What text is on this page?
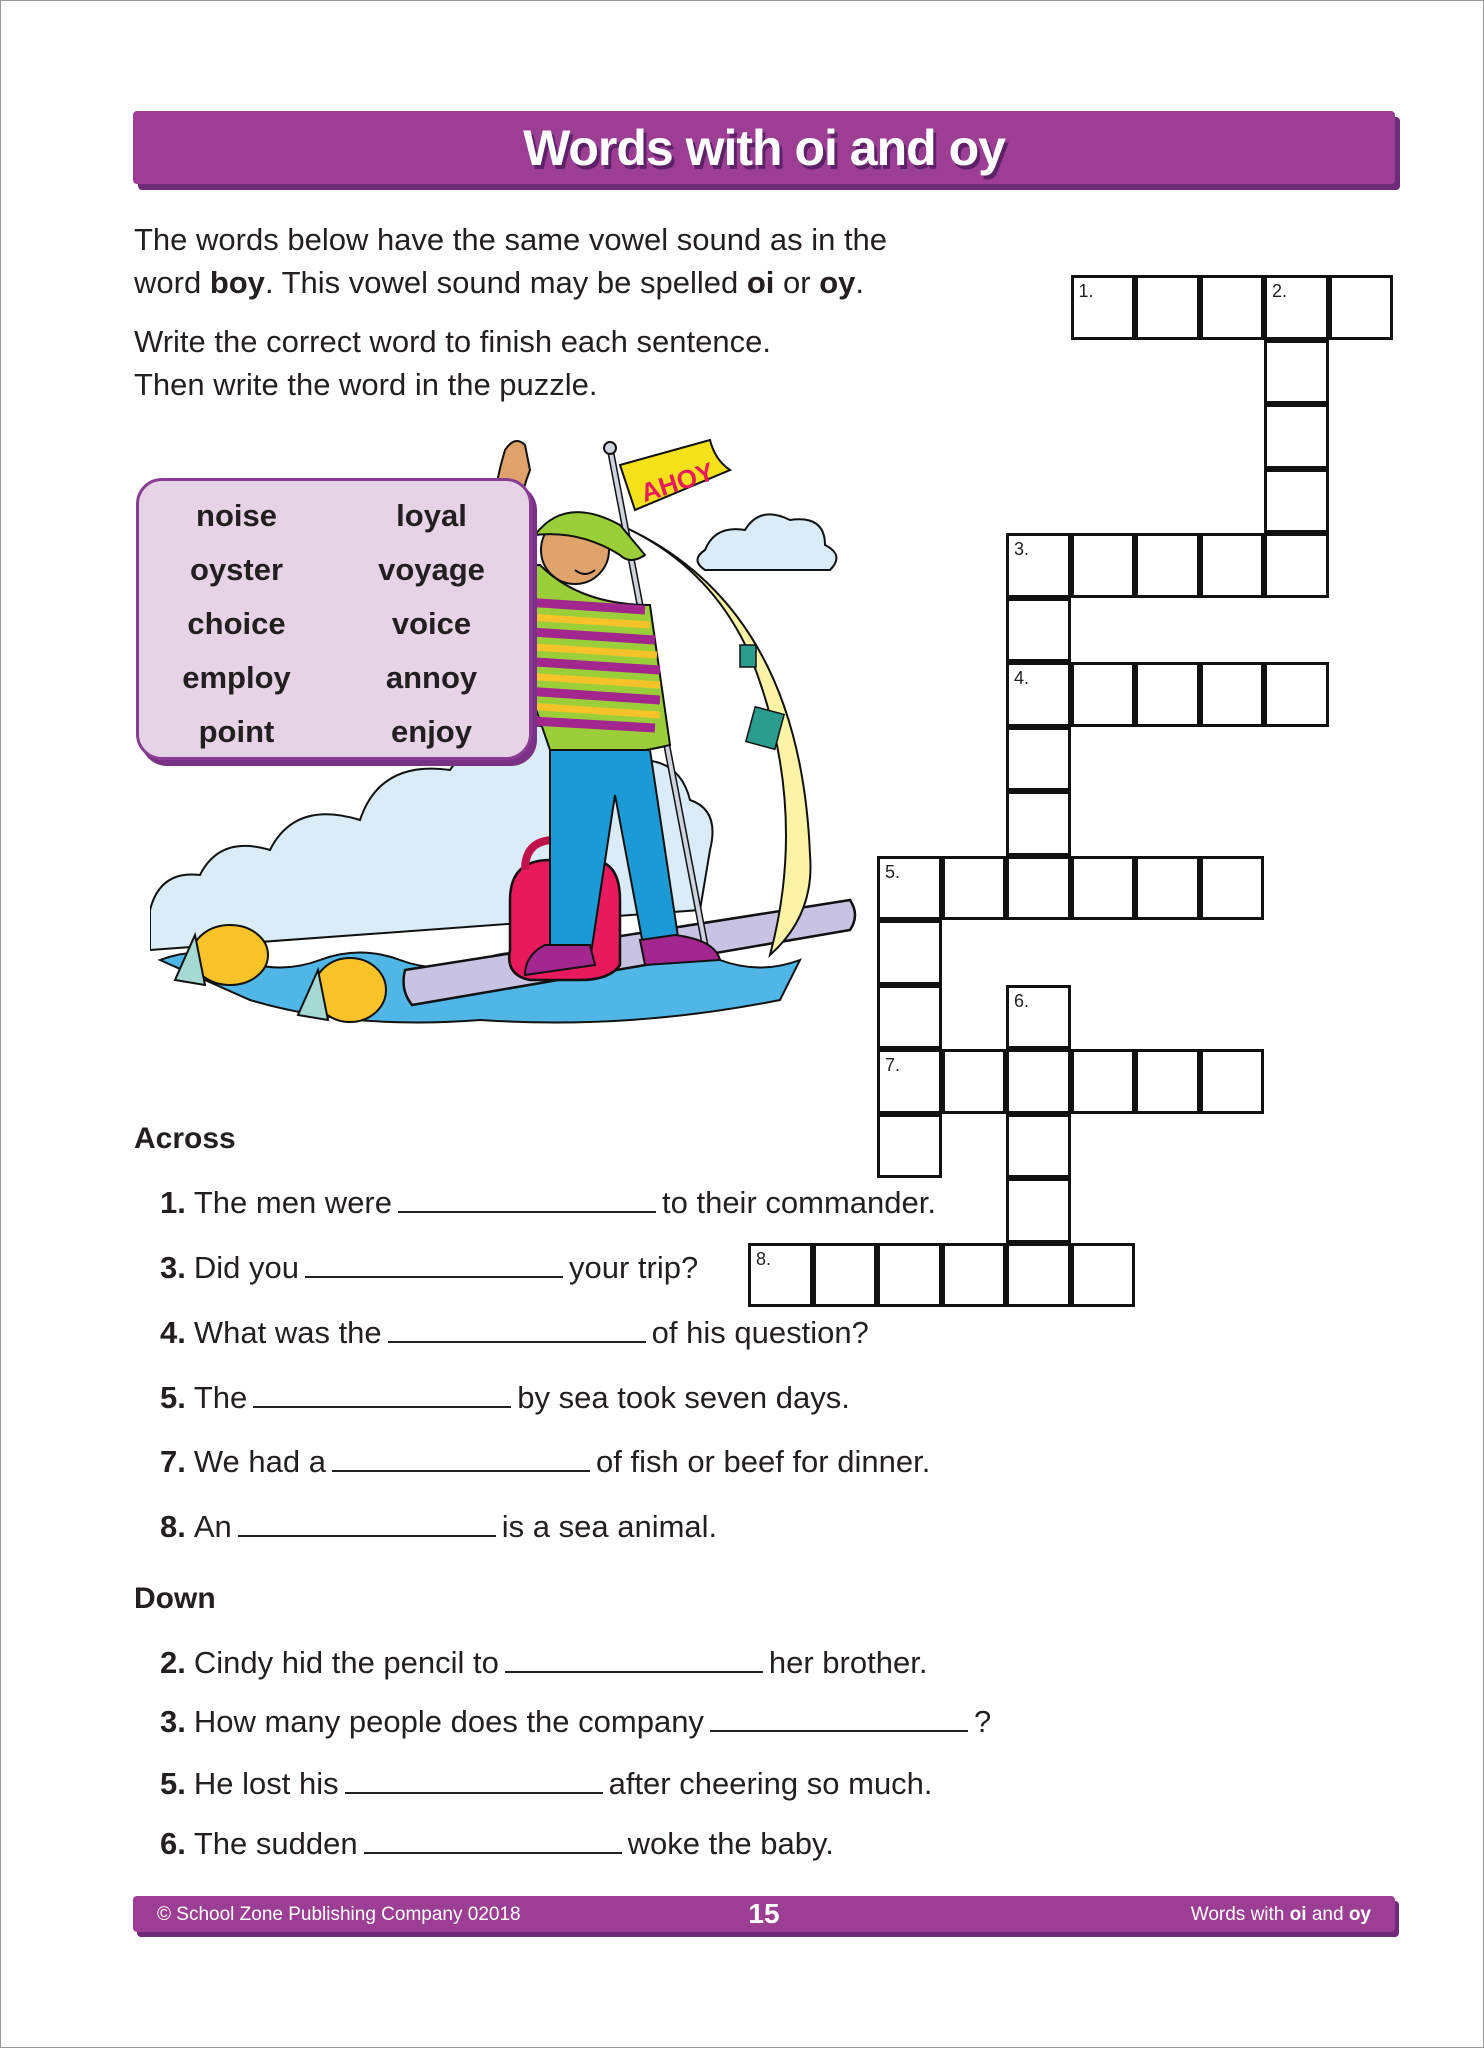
Words with oi and oy
The words below have the same vowel sound as in the
word boy. This vowel sound may be spelled oi or oy.
Write the correct word to finish each sentence.
Then write the word in the puzzle.
AHOY
noise	loyal
oyster	voyage
choice	voice
employ	annoy
point	enjoy
1.	2.
3.
4.
5.
6.
7.
8.
Across
1. The men were	to their commander.
3. Did you	your trip?
4. What was the	of his question?
5. The	by sea took seven days.
7. We had a	of fish or beef for dinner.
8. An	is a sea animal.
Down
2. Cindy hid the pencil to	her brother.
3. How many people does the company	?
5. He lost his	after cheering so much.
6. The sudden	woke the baby.
© School Zone Publishing Company 02018	15	Words with oi and oy
